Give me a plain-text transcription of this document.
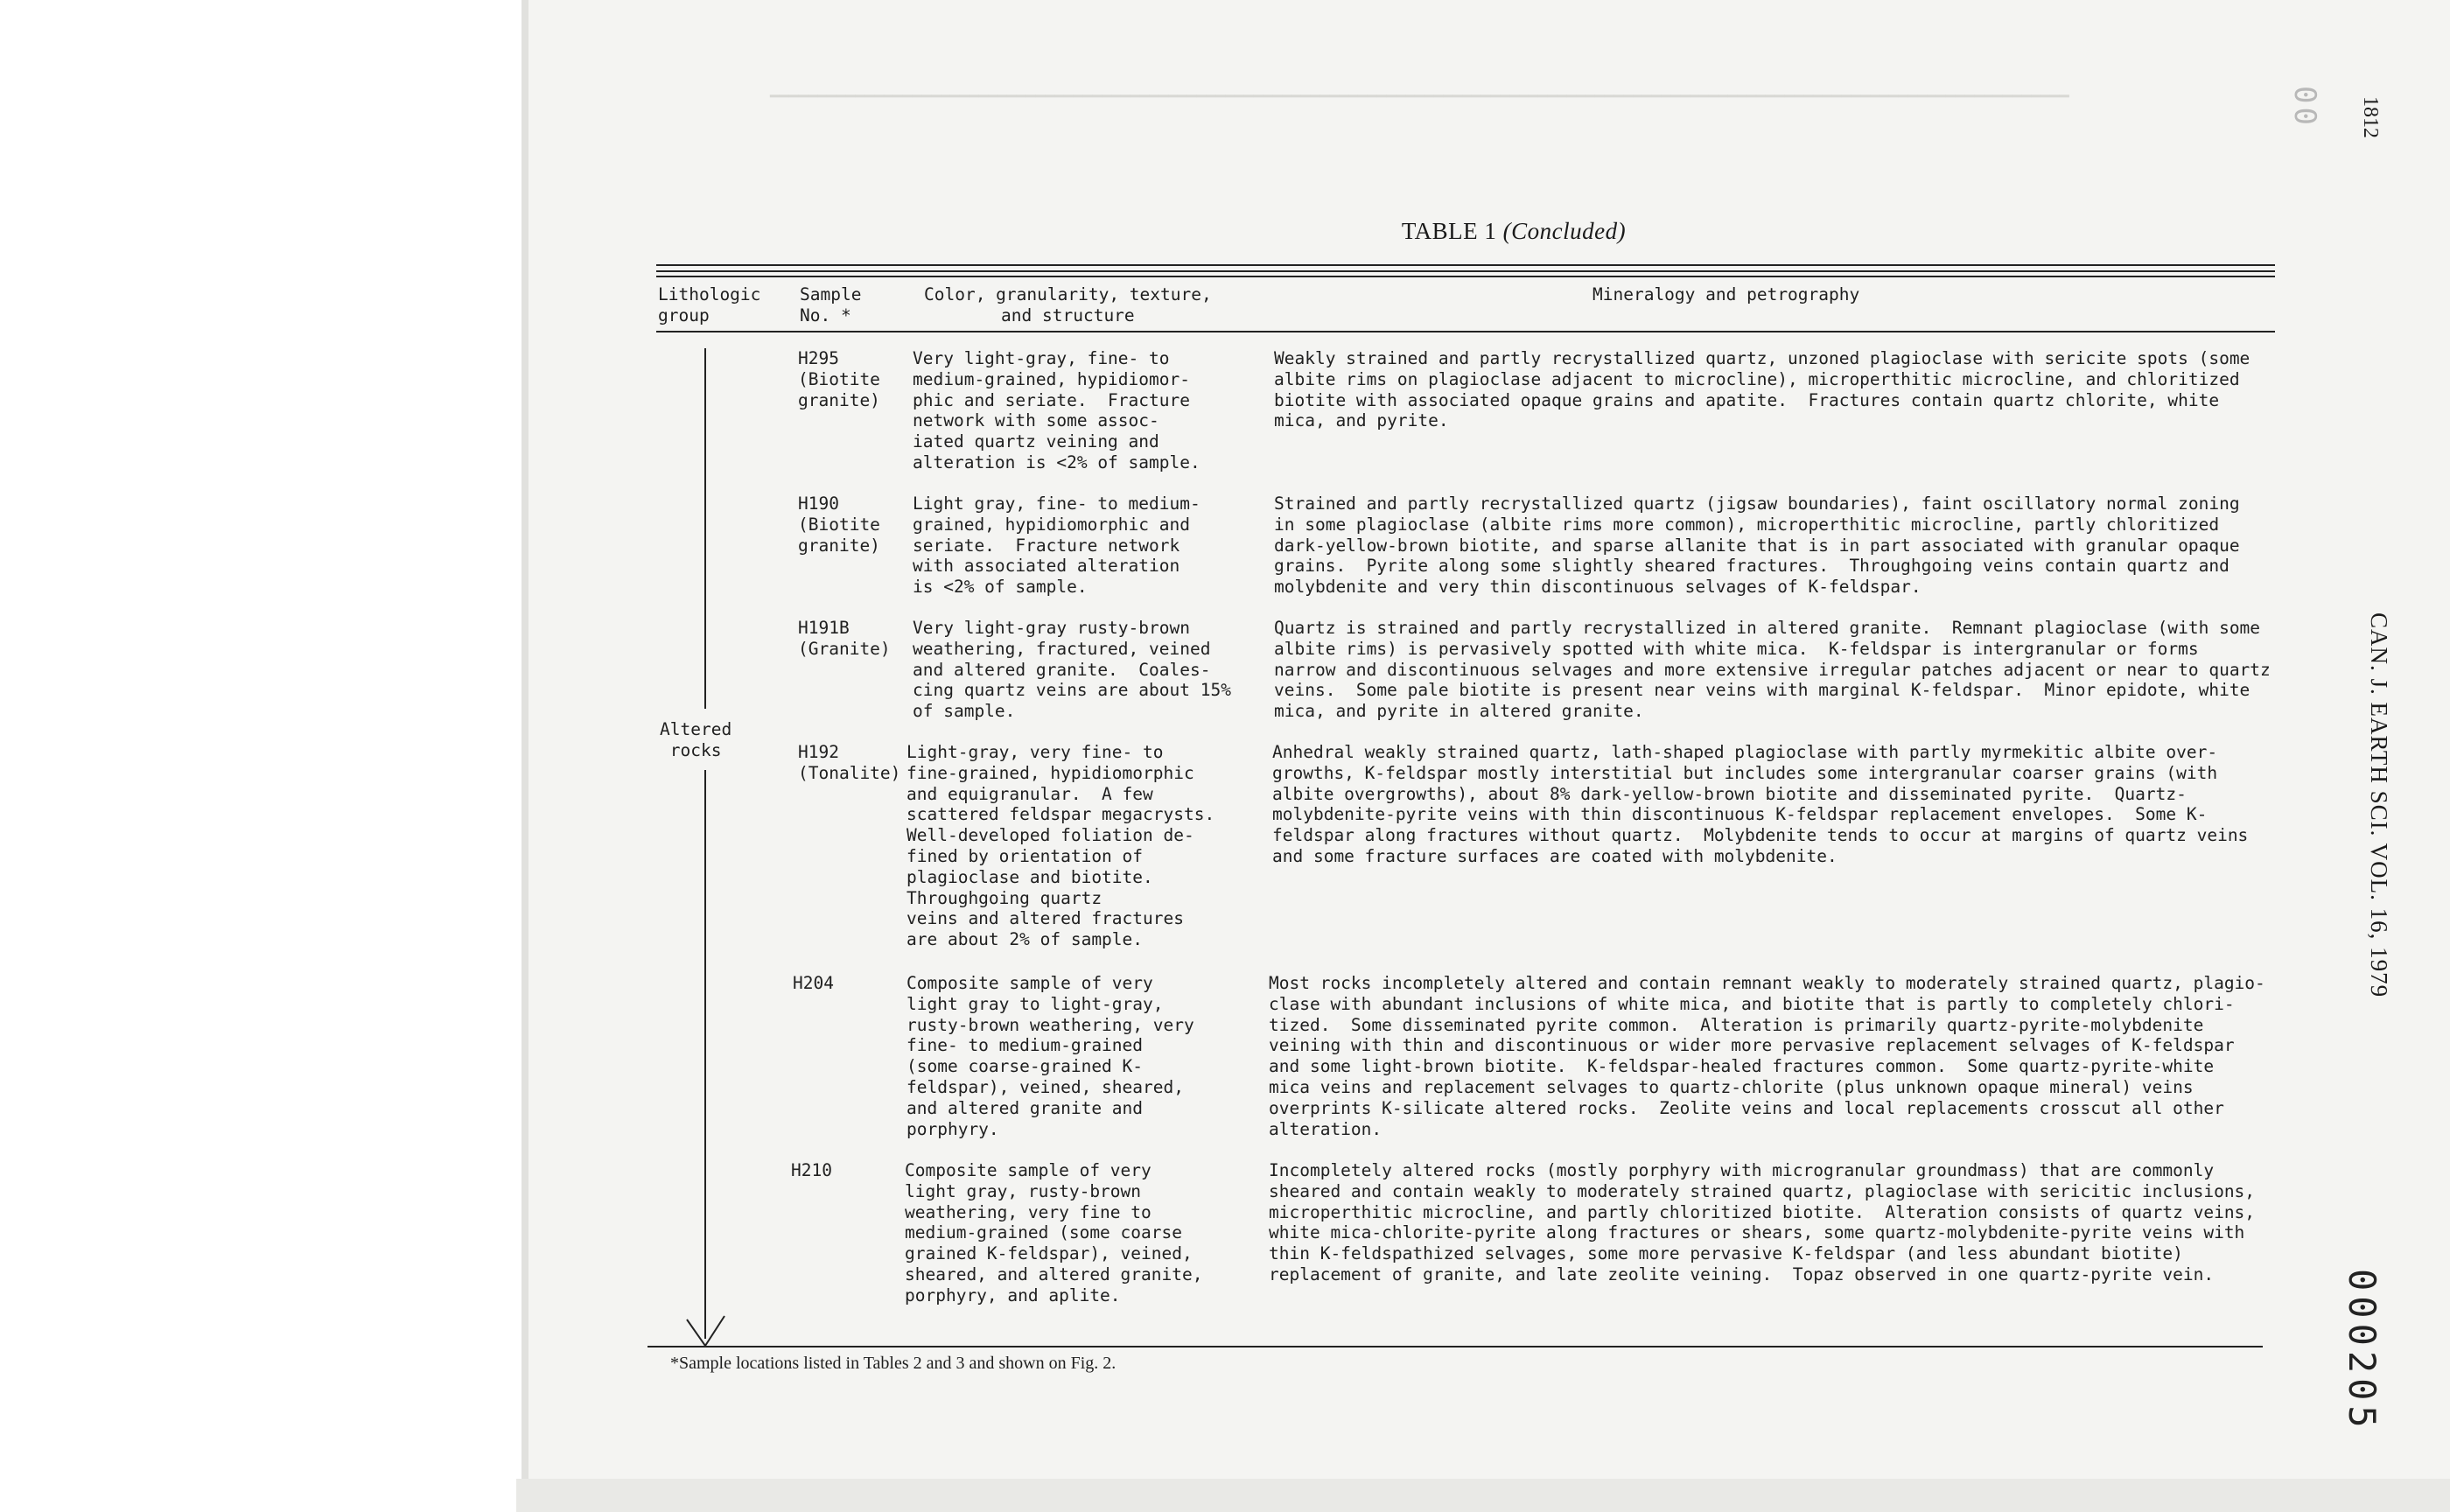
━━━━━━━━━━━━━━━━━━━━━━━━━━━━━━━━━━━━━━━━━━━━━━━━━━━━━━━━━━━━━━━━━━━━━━━━━━━━━━━━━━━━━━━━━━━━━━━━━━━━━━━━━━━━━━━━━━━━━━━━━━━━━━━━━━━━━━━━━
TABLE 1 (Concluded)
Lithologic
group
Sample
No. *
Color, granularity, texture,
and structure
Mineralogy and petrography
Altered
rocks
H295
(Biotite
granite)
Very light-gray, fine- to
medium-grained, hypidiomor-
phic and seriate.  Fracture
network with some assoc-
iated quartz veining and
alteration is <2% of sample.
Weakly strained and partly recrystallized quartz, unzoned plagioclase with sericite spots (some
albite rims on plagioclase adjacent to microcline), microperthitic microcline, and chloritized
biotite with associated opaque grains and apatite.  Fractures contain quartz chlorite, white
mica, and pyrite.
H190
(Biotite
granite)
Light gray, fine- to medium-
grained, hypidiomorphic and
seriate.  Fracture network
with associated alteration
is <2% of sample.
Strained and partly recrystallized quartz (jigsaw boundaries), faint oscillatory normal zoning
in some plagioclase (albite rims more common), microperthitic microcline, partly chloritized
dark-yellow-brown biotite, and sparse allanite that is in part associated with granular opaque
grains.  Pyrite along some slightly sheared fractures.  Throughgoing veins contain quartz and
molybdenite and very thin discontinuous selvages of K-feldspar.
H191B
(Granite)
Very light-gray rusty-brown
weathering, fractured, veined
and altered granite.  Coales-
cing quartz veins are about 15%
of sample.
Quartz is strained and partly recrystallized in altered granite.  Remnant plagioclase (with some
albite rims) is pervasively spotted with white mica.  K-feldspar is intergranular or forms
narrow and discontinuous selvages and more extensive irregular patches adjacent or near to quartz
veins.  Some pale biotite is present near veins with marginal K-feldspar.  Minor epidote, white
mica, and pyrite in altered granite.
H192
(Tonalite)
Light-gray, very fine- to
fine-grained, hypidiomorphic
and equigranular.  A few
scattered feldspar megacrysts.
Well-developed foliation de-
fined by orientation of
plagioclase and biotite.
Throughgoing quartz
veins and altered fractures
are about 2% of sample.
Anhedral weakly strained quartz, lath-shaped plagioclase with partly myrmekitic albite over-
growths, K-feldspar mostly interstitial but includes some intergranular coarser grains (with
albite overgrowths), about 8% dark-yellow-brown biotite and disseminated pyrite.  Quartz-
molybdenite-pyrite veins with thin discontinuous K-feldspar replacement envelopes.  Some K-
feldspar along fractures without quartz.  Molybdenite tends to occur at margins of quartz veins
and some fracture surfaces are coated with molybdenite.
H204	Composite sample of very
light gray to light-gray,
rusty-brown weathering, very
fine- to medium-grained
(some coarse-grained K-
feldspar), veined, sheared,
and altered granite and
porphyry.
Most rocks incompletely altered and contain remnant weakly to moderately strained quartz, plagio-
clase with abundant inclusions of white mica, and biotite that is partly to completely chlori-
tized.  Some disseminated pyrite common.  Alteration is primarily quartz-pyrite-molybdenite
veining with thin and discontinuous or wider more pervasive replacement selvages of K-feldspar
and some light-brown biotite.  K-feldspar-healed fractures common.  Some quartz-pyrite-white
mica veins and replacement selvages to quartz-chlorite (plus unknown opaque mineral) veins
overprints K-silicate altered rocks.  Zeolite veins and local replacements crosscut all other
alteration.
H210	Composite sample of very
light gray, rusty-brown
weathering, very fine to
medium-grained (some coarse
grained K-feldspar), veined,
sheared, and altered granite,
porphyry, and aplite.
Incompletely altered rocks (mostly porphyry with microgranular groundmass) that are commonly
sheared and contain weakly to moderately strained quartz, plagioclase with sericitic inclusions,
microperthitic microcline, and partly chloritized biotite.  Alteration consists of quartz veins,
white mica-chlorite-pyrite along fractures or shears, some quartz-molybdenite-pyrite veins with
thin K-feldspathized selvages, some more pervasive K-feldspar (and less abundant biotite)
replacement of granite, and late zeolite veining.  Topaz observed in one quartz-pyrite vein.
*Sample locations listed in Tables 2 and 3 and shown on Fig. 2.
00 1812
CAN. J. EARTH SCI. VOL. 16, 1979
000205
